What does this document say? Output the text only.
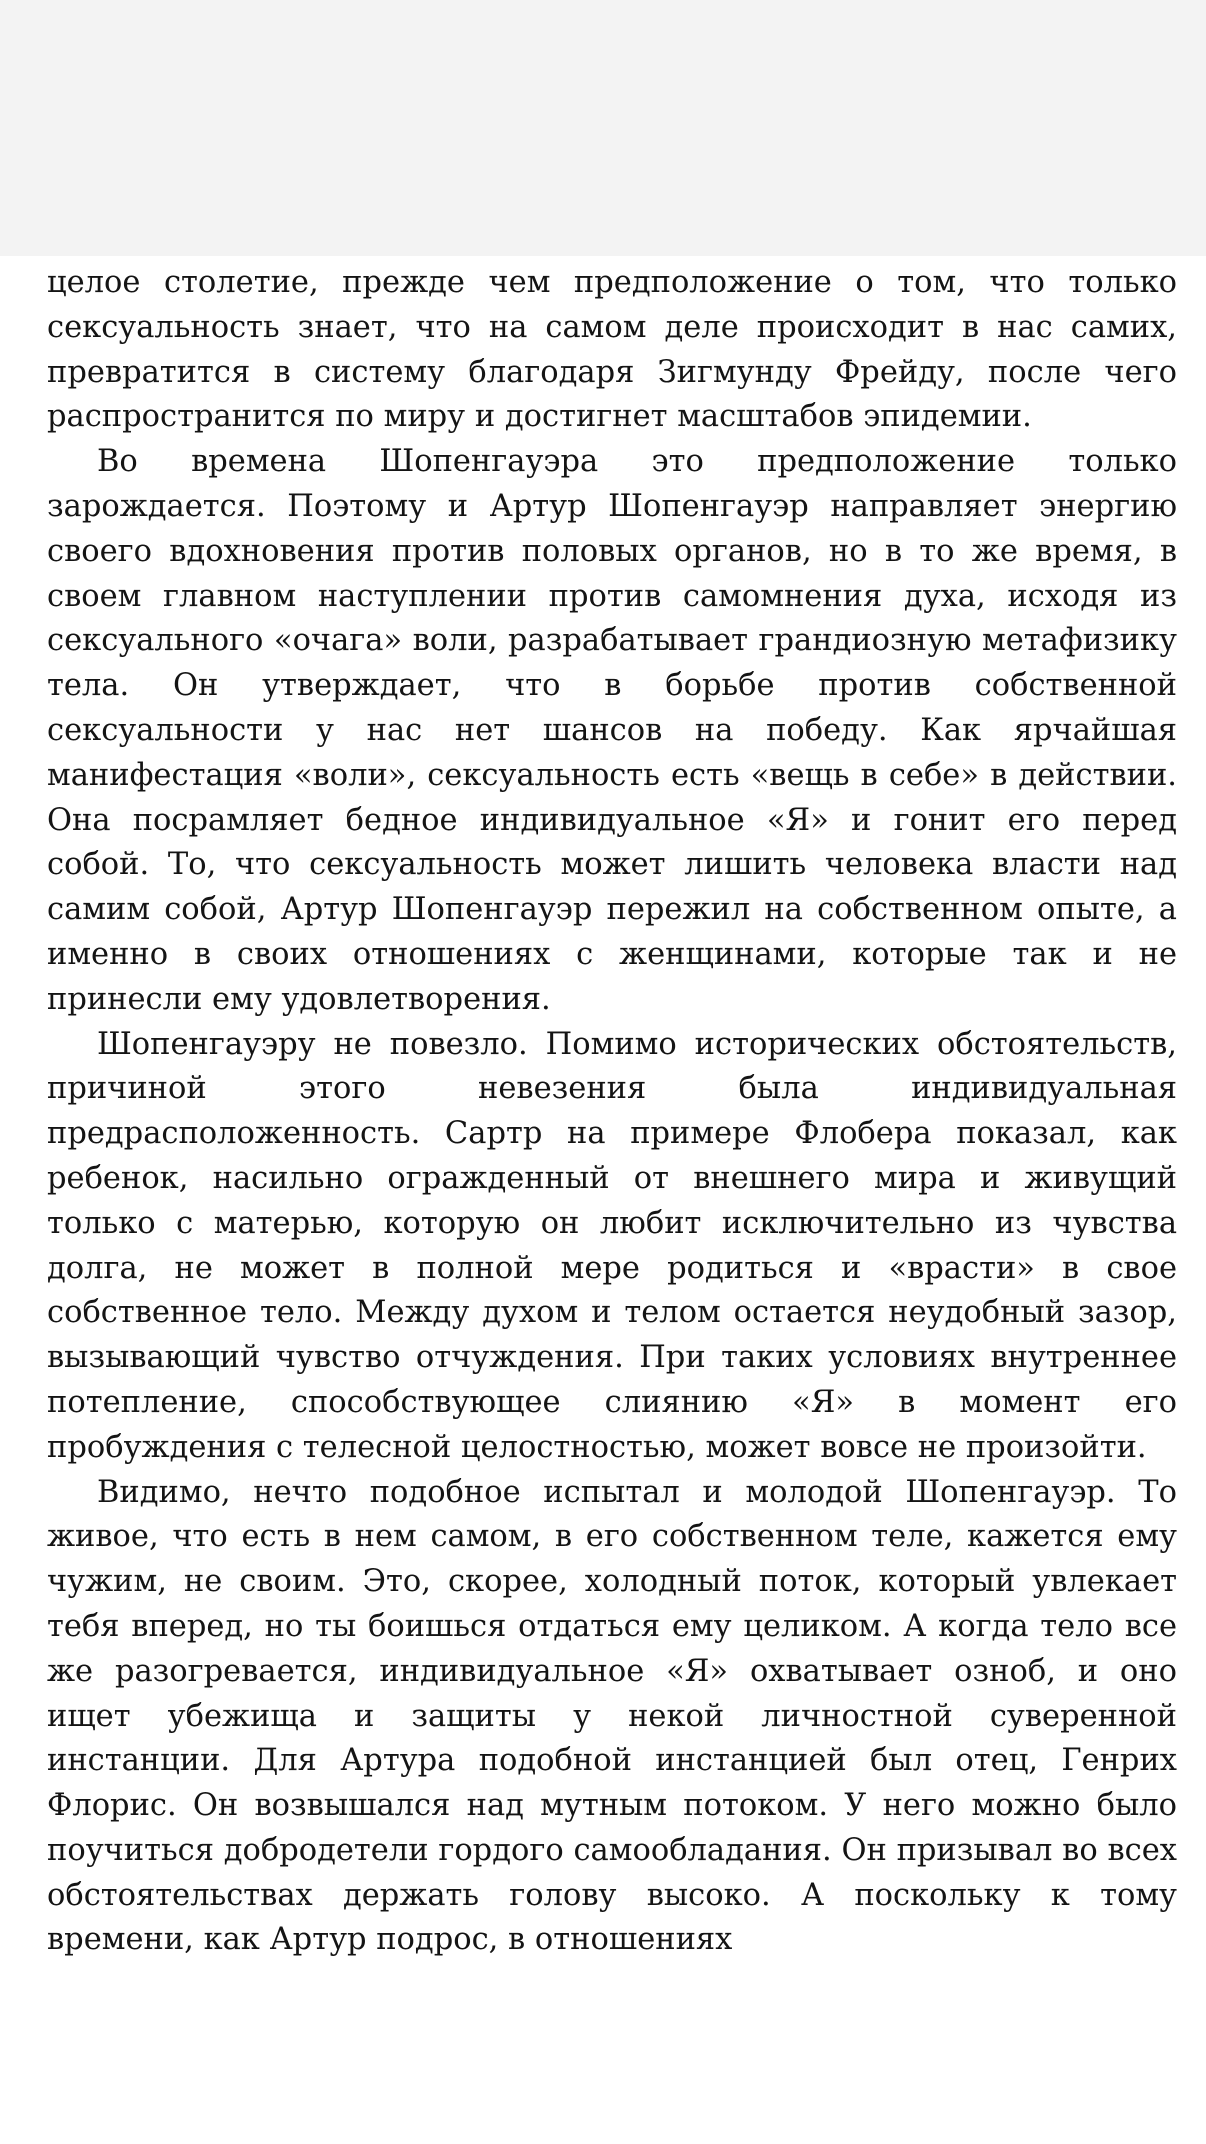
целое столетие, прежде чем предположение о том, что только сексуальность знает, что на самом деле происходит в нас самих, превратится в систему благодаря Зигмунду Фрейду, после чего распространится по миру и достигнет масштабов эпидемии.

Во времена Шопенгауэра это предположение только зарождается. Поэтому и Артур Шопенгауэр направляет энергию своего вдохновения против половых органов, но в то же время, в своем главном наступлении против самомнения духа, исходя из сексуального «очага» воли, разрабатывает грандиозную метафизику тела. Он утверждает, что в борьбе против собственной сексуальности у нас нет шансов на победу. Как ярчайшая манифестация «воли», сексуальность есть «вещь в себе» в действии. Она посрамляет бедное индивидуальное «Я» и гонит его перед собой. То, что сексуальность может лишить человека власти над самим собой, Артур Шопенгауэр пережил на собственном опыте, а именно в своих отношениях с женщинами, которые так и не принесли ему удовлетворения.

Шопенгауэру не повезло. Помимо исторических обстоятельств, причиной этого невезения была индивидуальная предрасположенность. Сартр на примере Флобера показал, как ребенок, насильно огражденный от внешнего мира и живущий только с матерью, которую он любит исключительно из чувства долга, не может в полной мере родиться и «врасти» в свое собственное тело. Между духом и телом остается неудобный зазор, вызывающий чувство отчуждения. При таких условиях внутреннее потепление, способствующее слиянию «Я» в момент его пробуждения с телесной целостностью, может вовсе не произойти.

Видимо, нечто подобное испытал и молодой Шопенгауэр. То живое, что есть в нем самом, в его собственном теле, кажется ему чужим, не своим. Это, скорее, холодный поток, который увлекает тебя вперед, но ты боишься отдаться ему целиком. А когда тело все же разогревается, индивидуальное «Я» охватывает озноб, и оно ищет убежища и защиты у некой личностной суверенной инстанции. Для Артура подобной инстанцией был отец, Генрих Флорис. Он возвышался над мутным потоком. У него можно было поучиться добродетели гордого самообладания. Он призывал во всех обстоятельствах держать голову высоко. А поскольку к тому времени, как Артур подрос, в отношениях
